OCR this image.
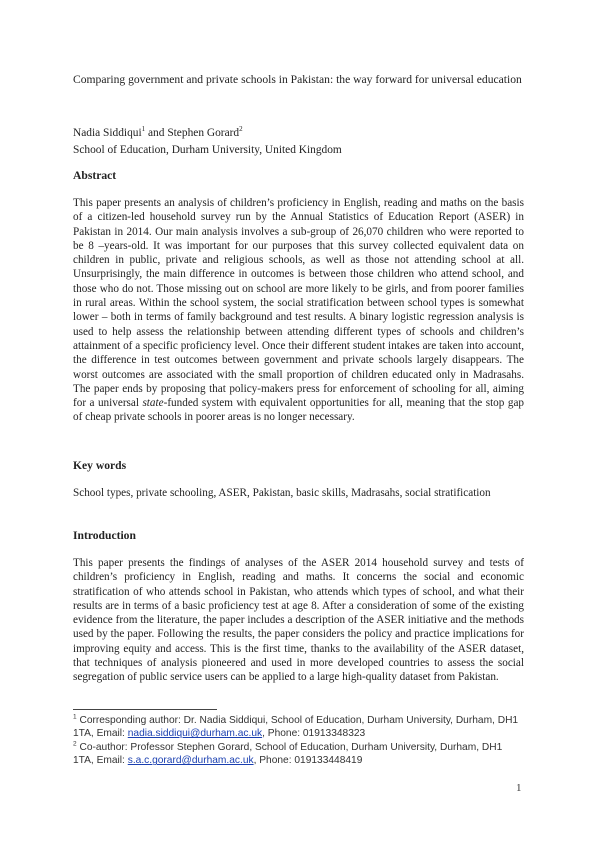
Comparing government and private schools in Pakistan: the way forward for universal education
Nadia Siddiqui$^1$ and Stephen Gorard$^2$
School of Education, Durham University, United Kingdom
Abstract
This paper presents an analysis of children’s proficiency in English, reading and maths on the basis of a citizen-led household survey run by the Annual Statistics of Education Report (ASER) in Pakistan in 2014. Our main analysis involves a sub-group of 26,070 children who were reported to be 8 –years-old. It was important for our purposes that this survey collected equivalent data on children in public, private and religious schools, as well as those not attending school at all. Unsurprisingly, the main difference in outcomes is between those children who attend school, and those who do not. Those missing out on school are more likely to be girls, and from poorer families in rural areas. Within the school system, the social stratification between school types is somewhat lower – both in terms of family background and test results. A binary logistic regression analysis is used to help assess the relationship between attending different types of schools and children’s attainment of a specific proficiency level. Once their different student intakes are taken into account, the difference in test outcomes between government and private schools largely disappears. The worst outcomes are associated with the small proportion of children educated only in Madrasahs. The paper ends by proposing that policy-makers press for enforcement of schooling for all, aiming for a universal state-funded system with equivalent opportunities for all, meaning that the stop gap of cheap private schools in poorer areas is no longer necessary.
Key words
School types, private schooling, ASER, Pakistan, basic skills, Madrasahs, social stratification
Introduction
This paper presents the findings of analyses of the ASER 2014 household survey and tests of children’s proficiency in English, reading and maths. It concerns the social and economic stratification of who attends school in Pakistan, who attends which types of school, and what their results are in terms of a basic proficiency test at age 8. After a consideration of some of the existing evidence from the literature, the paper includes a description of the ASER initiative and the methods used by the paper. Following the results, the paper considers the policy and practice implications for improving equity and access. This is the first time, thanks to the availability of the ASER dataset, that techniques of analysis pioneered and used in more developed countries to assess the social segregation of public service users can be applied to a large high-quality dataset from Pakistan.
$^1$ Corresponding author: Dr. Nadia Siddiqui, School of Education, Durham University, Durham, DH1 1TA, Email: nadia.siddiqui@durham.ac.uk, Phone: 01913348323
$^2$ Co-author: Professor Stephen Gorard, School of Education, Durham University, Durham, DH1 1TA, Email: s.a.c.gorard@durham.ac.uk, Phone: 019133448419
1
